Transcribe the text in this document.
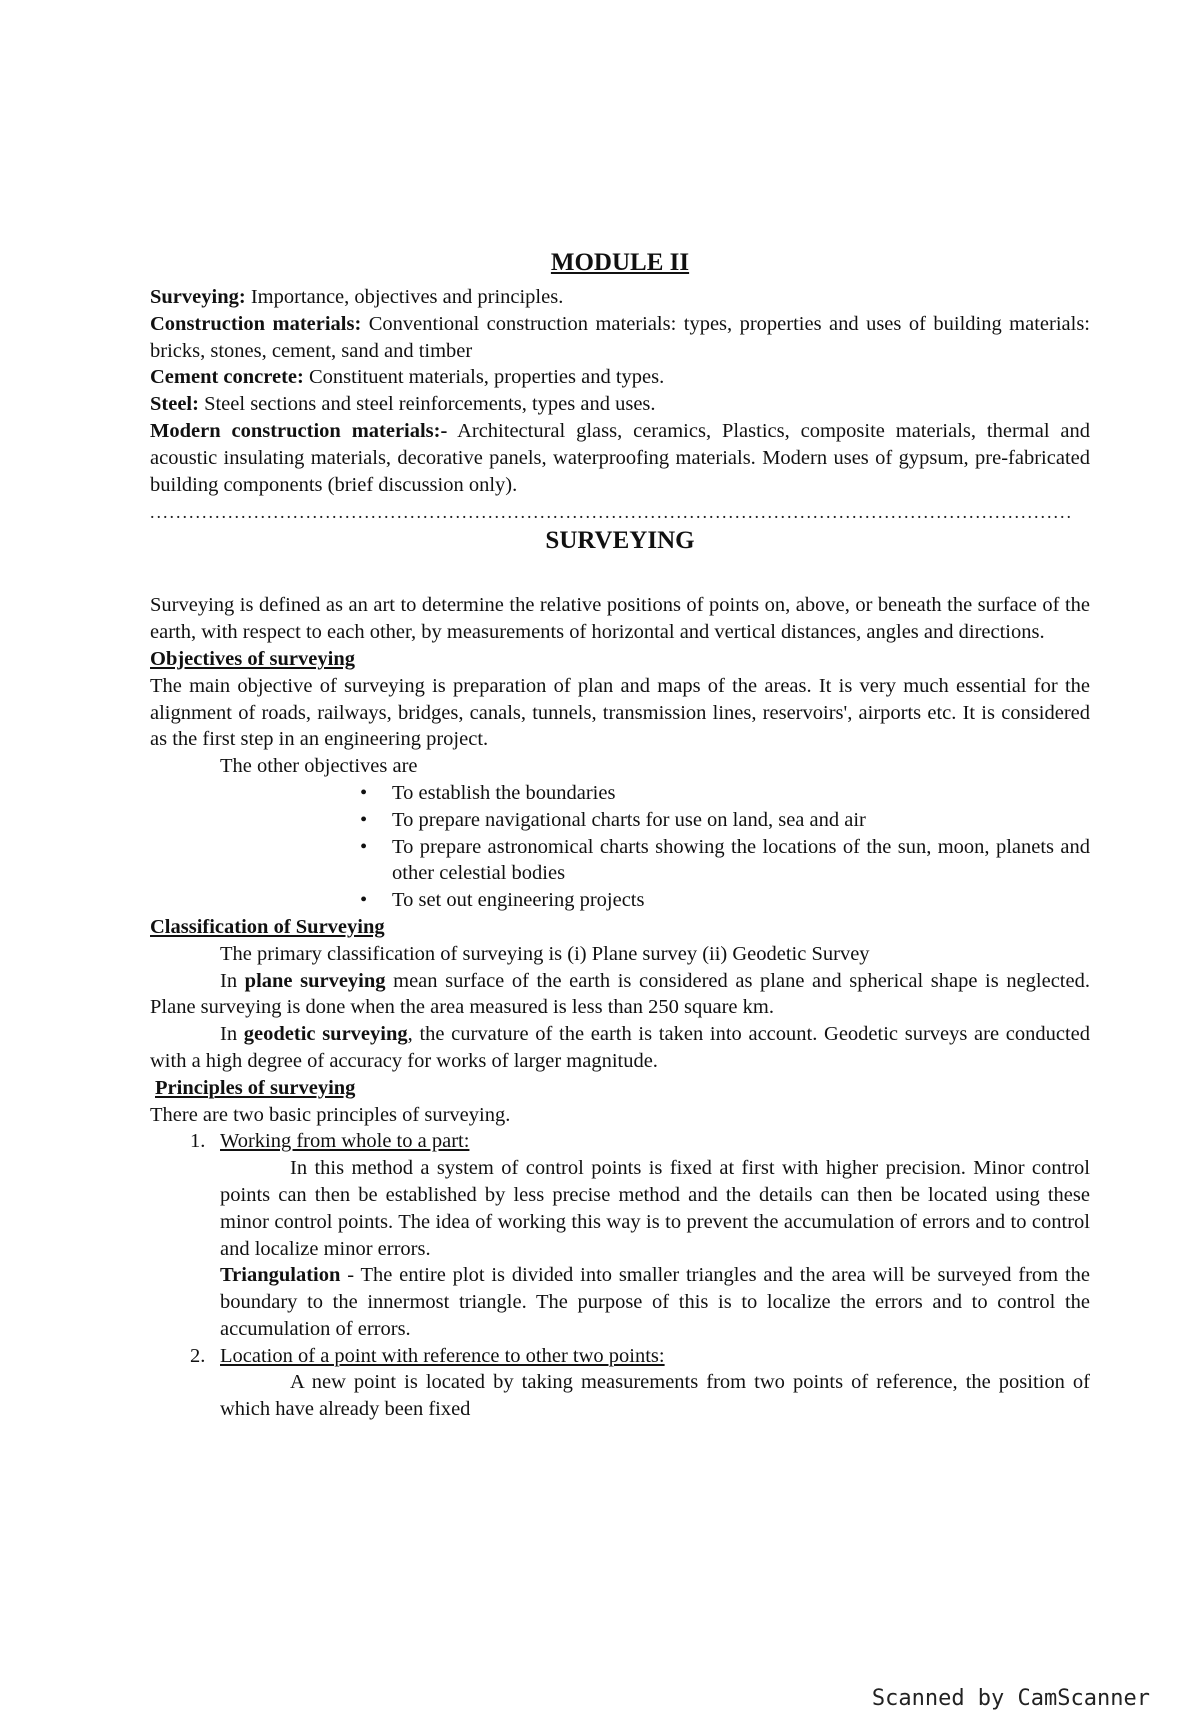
MODULE II

Surveying: Importance, objectives and principles.

Construction materials: Conventional construction materials: types, properties and uses of building materials: bricks, stones, cement, sand and timber

Cement concrete: Constituent materials, properties and types.

Steel: Steel sections and steel reinforcements, types and uses.

Modern construction materials:- Architectural glass, ceramics, Plastics, composite materials, thermal and acoustic insulating materials, decorative panels, waterproofing materials. Modern uses of gypsum, pre-fabricated building components (brief discussion only).

..............................................................................................................................................
SURVEYING

Surveying is defined as an art to determine the relative positions of points on, above, or beneath the surface of the earth, with respect to each other, by measurements of horizontal and vertical distances, angles and directions.

Objectives of surveying

The main objective of surveying is preparation of plan and maps of the areas. It is very much essential for the alignment of roads, railways, bridges, canals, tunnels, transmission lines, reservoirs', airports etc. It is considered as the first step in an engineering project.

The other objectives are

• To establish the boundaries
• To prepare navigational charts for use on land, sea and air
• To prepare astronomical charts showing the locations of the sun, moon, planets and other celestial bodies
• To set out engineering projects
Classification of Surveying

The primary classification of surveying is (i) Plane survey (ii) Geodetic Survey

In plane surveying mean surface of the earth is considered as plane and spherical shape is neglected. Plane surveying is done when the area measured is less than 250 square km.

In geodetic surveying, the curvature of the earth is taken into account. Geodetic surveys are conducted with a high degree of accuracy for works of larger magnitude.

Principles of surveying

There are two basic principles of surveying.

1. Working from whole to a part:

In this method a system of control points is fixed at first with higher precision. Minor control points can then be established by less precise method and the details can then be located using these minor control points. The idea of working this way is to prevent the accumulation of errors and to control and localize minor errors.

Triangulation - The entire plot is divided into smaller triangles and the area will be surveyed from the boundary to the innermost triangle. The purpose of this is to localize the errors and to control the accumulation of errors.

2. Location of a point with reference to other two points:

A new point is located by taking measurements from two points of reference, the position of which have already been fixed

Scanned by CamScanner
